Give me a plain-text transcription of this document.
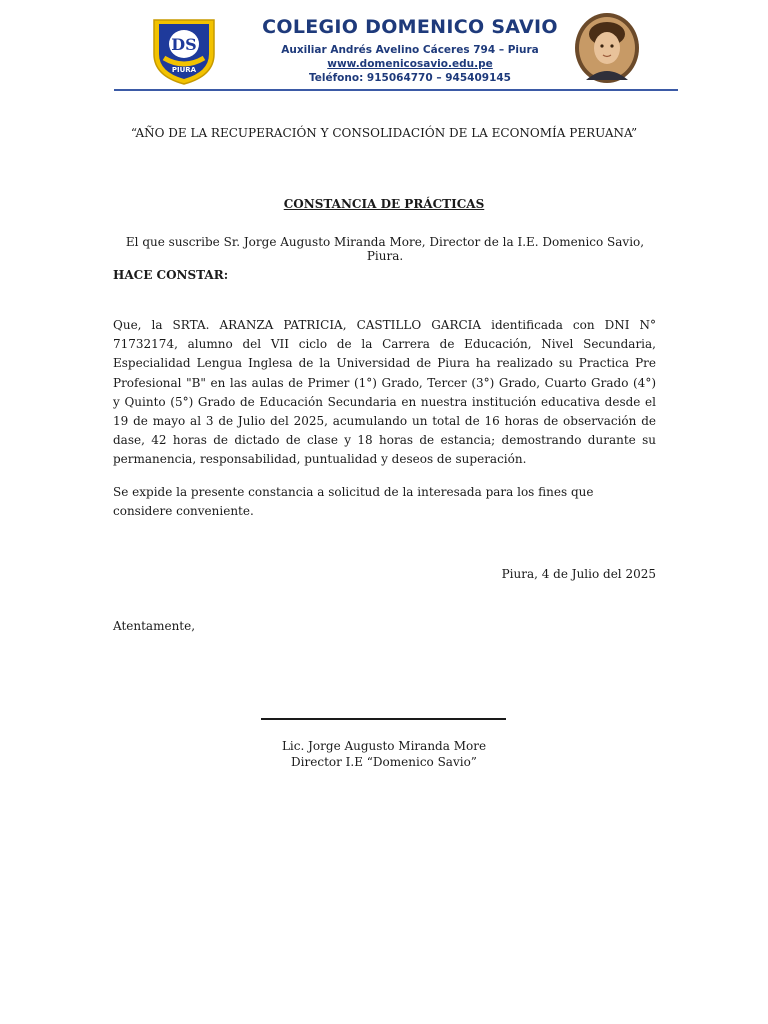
DS
PIURA
COLEGIO DOMENICO SAVIO
Auxiliar Andrés Avelino Cáceres 794 – Piura
www.domenicosavio.edu.pe
Teléfono: 915064770 – 945409145
“AÑO DE LA RECUPERACIÓN Y CONSOLIDACIÓN DE LA ECONOMÍA PERUANA”
CONSTANCIA DE PRÁCTICAS
El que suscribe Sr. Jorge Augusto Miranda More, Director de la I.E. Domenico Savio, Piura.
HACE CONSTAR:

Que, la SRTA. ARANZA PATRICIA, CASTILLO GARCIA identificada con DNI N° 71732174, alumno del VII ciclo de la Carrera de Educación, Nivel Secundaria, Especialidad Lengua Inglesa de la Universidad de Piura ha realizado su Practica Pre Profesional "B" en las aulas de Primer (1°) Grado, Tercer (3°) Grado, Cuarto Grado (4°) y Quinto (5°) Grado de Educación Secundaria en nuestra institución educativa desde el 19 de mayo al 3 de Julio del 2025, acumulando un total de 16 horas de observación de dase, 42 horas de dictado de clase y 18 horas de estancia; demostrando durante su permanencia, responsabilidad, puntualidad y deseos de superación.

Se expide la presente constancia a solicitud de la interesada para los fines que considere conveniente.

Piura, 4 de Julio del 2025
Atentamente,
Lic. Jorge Augusto Miranda More
Director I.E “Domenico Savio”
